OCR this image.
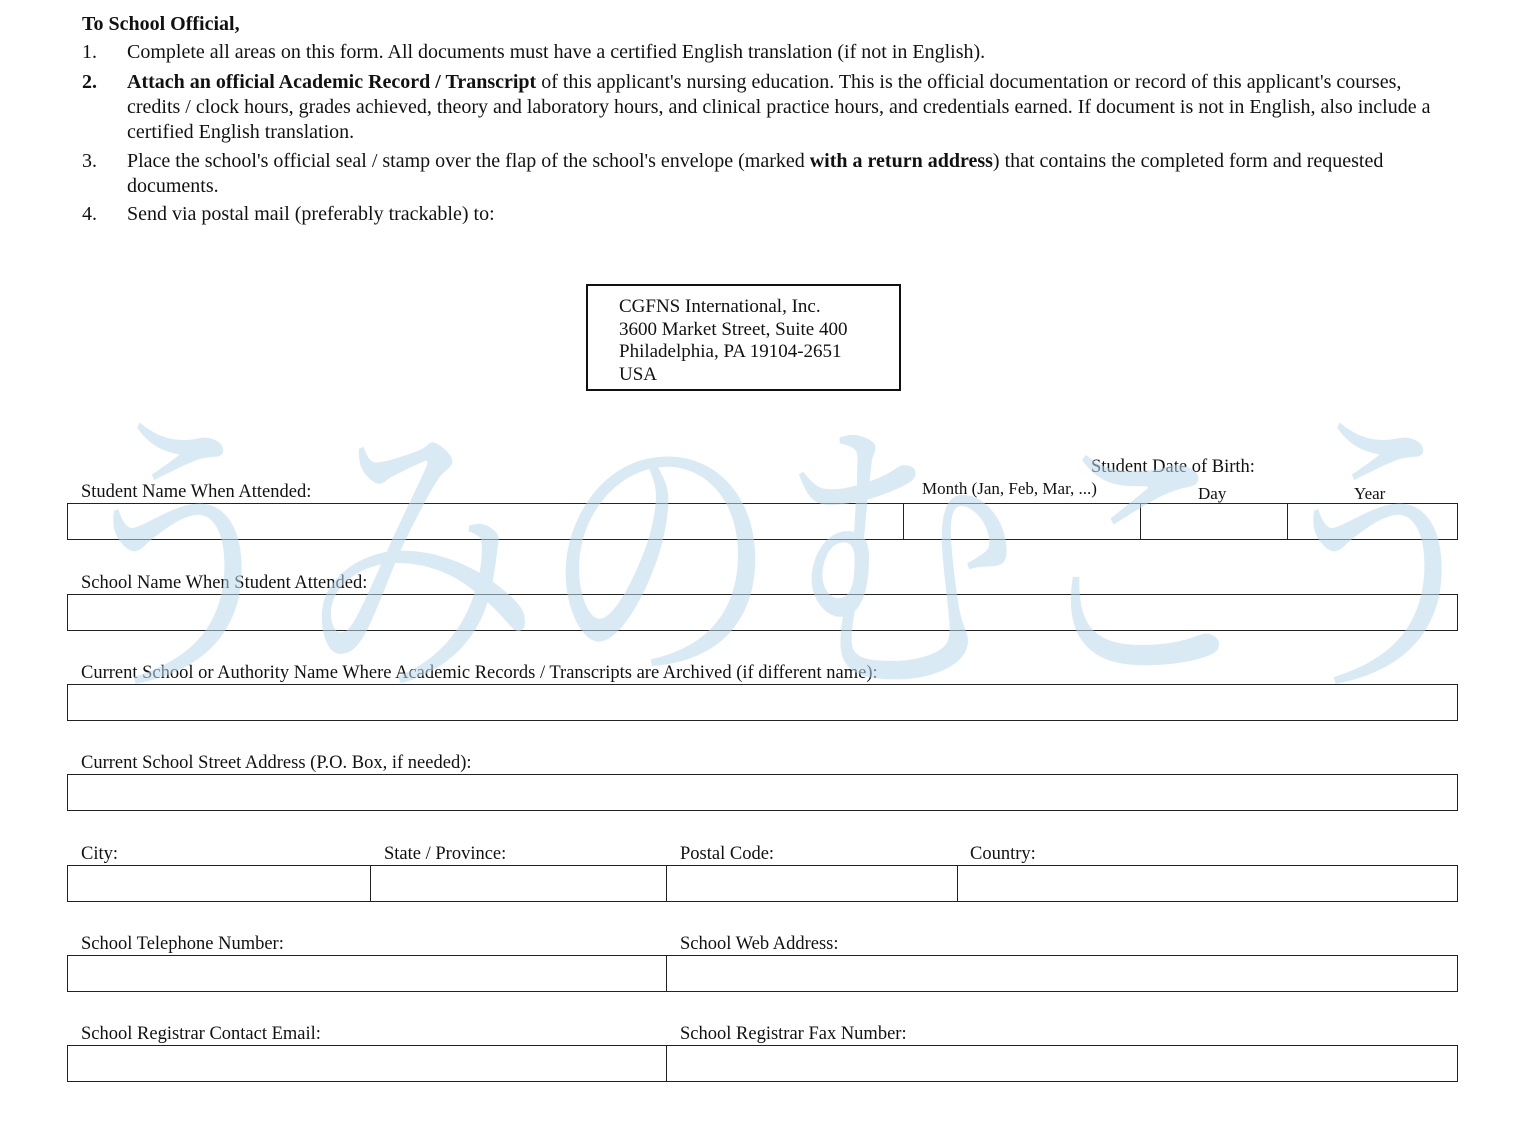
To School Official,
1.	Complete all areas on this form. All documents must have a certified English translation (if not in English).
2.	Attach an official Academic Record / Transcript of this applicant's nursing education. This is the official documentation or record of this applicant's courses, credits / clock hours, grades achieved, theory and laboratory hours, and clinical practice hours, and credentials earned. If document is not in English, also include a certified English translation.
3.	Place the school's official seal / stamp over the flap of the school's envelope (marked with a return address) that contains the completed form and requested documents.
4.	Send via postal mail (preferably trackable) to:
CGFNS International, Inc.
3600 Market Street, Suite 400
Philadelphia, PA 19104-2651
USA
Student Date of Birth:
Student Name When Attended:	Month (Jan, Feb, Mar, ...)	Day	Year
School Name When Student Attended:
Current School or Authority Name Where Academic Records / Transcripts are Archived (if different name):
Current School Street Address (P.O. Box, if needed):
City:	State / Province:	Postal Code:	Country:
School Telephone Number:	School Web Address:
School Registrar Contact Email:	School Registrar Fax Number:
うみのむこう
